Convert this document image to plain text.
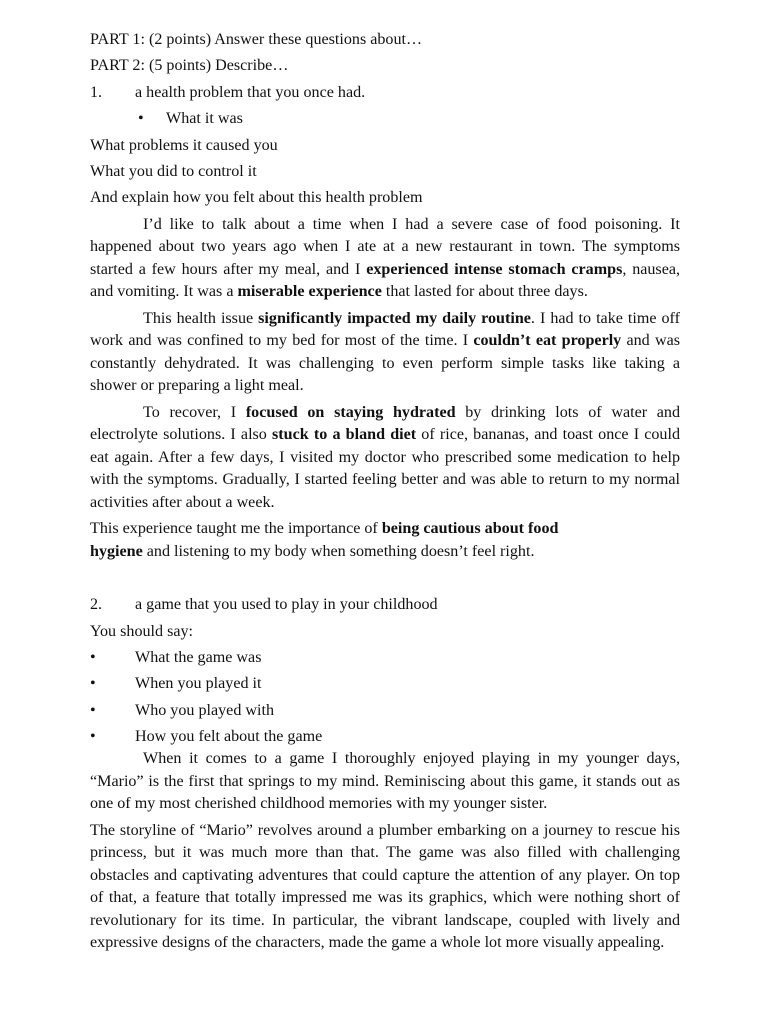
PART 1: (2 points) Answer these questions about…
PART 2: (5 points) Describe…
1. a health problem that you once had.
• What it was
What problems it caused you
What you did to control it
And explain how you felt about this health problem

I’d like to talk about a time when I had a severe case of food poisoning. It happened about two years ago when I ate at a new restaurant in town. The symptoms started a few hours after my meal, and I experienced intense stomach cramps, nausea, and vomiting. It was a miserable experience that lasted for about three days.

This health issue significantly impacted my daily routine. I had to take time off work and was confined to my bed for most of the time. I couldn’t eat properly and was constantly dehydrated. It was challenging to even perform simple tasks like taking a shower or preparing a light meal.

To recover, I focused on staying hydrated by drinking lots of water and electrolyte solutions. I also stuck to a bland diet of rice, bananas, and toast once I could eat again. After a few days, I visited my doctor who prescribed some medication to help with the symptoms. Gradually, I started feeling better and was able to return to my normal activities after about a week.

This experience taught me the importance of being cautious about food
hygiene and listening to my body when something doesn’t feel right.

2. a game that you used to play in your childhood
You should say:
• What the game was
• When you played it
• Who you played with
• How you felt about the game

When it comes to a game I thoroughly enjoyed playing in my younger days, “Mario” is the first that springs to my mind. Reminiscing about this game, it stands out as one of my most cherished childhood memories with my younger sister.

The storyline of “Mario” revolves around a plumber embarking on a journey to rescue his princess, but it was much more than that. The game was also filled with challenging obstacles and captivating adventures that could capture the attention of any player. On top of that, a feature that totally impressed me was its graphics, which were nothing short of revolutionary for its time. In particular, the vibrant landscape, coupled with lively and expressive designs of the characters, made the game a whole lot more visually appealing.
